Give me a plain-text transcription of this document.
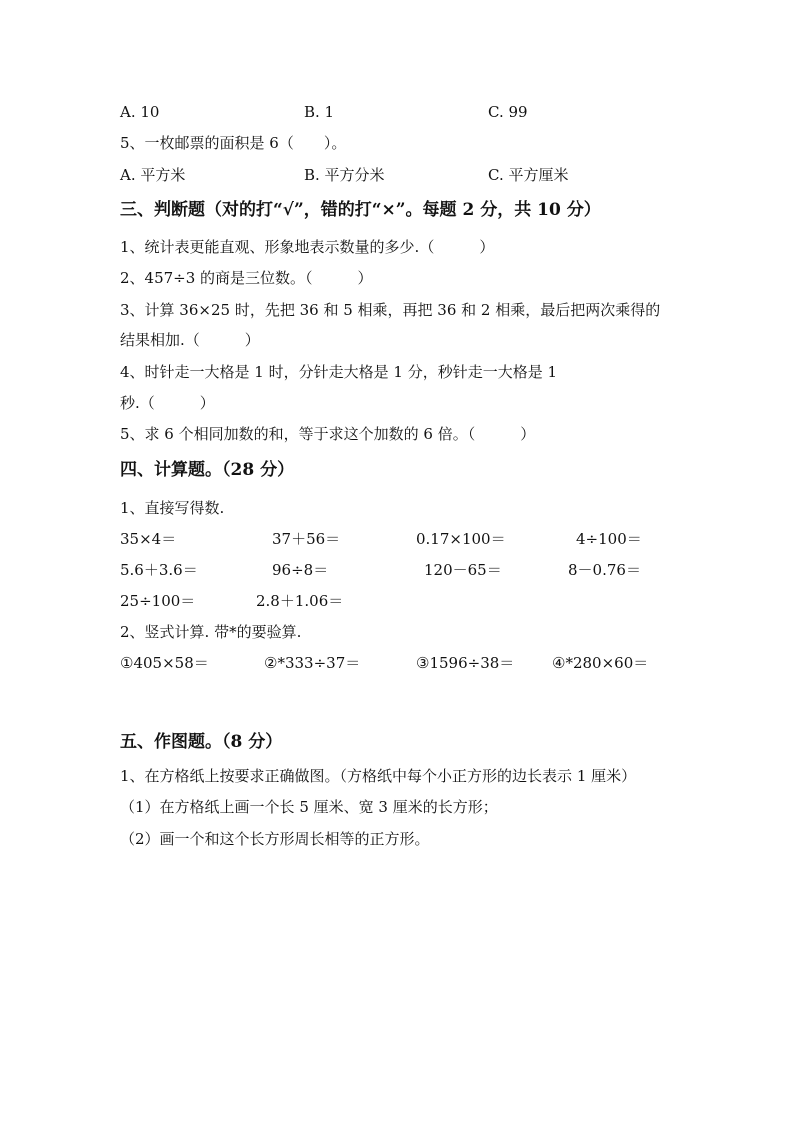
A. 10	B. 1	C. 99
5、一枚邮票的面积是 6（　　）。
A. 平方米	B. 平方分米	C. 平方厘米
三、判断题（对的打“√”，错的打“×”。每题 2 分，共 10 分）
1、统计表更能直观、形象地表示数量的多少.（　　　）
2、457÷3 的商是三位数。（　　　）
3、计算 36×25 时，先把 36 和 5 相乘，再把 36 和 2 相乘，最后把两次乘得的
结果相加.（　　　）
4、时针走一大格是 1 时，分针走大格是 1 分，秒针走一大格是 1
秒.（　　　）
5、求 6 个相同加数的和，等于求这个加数的 6 倍。（　　　）
四、计算题。（28 分）
1、直接写得数.
35×4＝	37＋56＝	0.17×100＝	4÷100＝
5.6＋3.6＝	96÷8＝	120－65＝	8－0.76＝
25÷100＝	2.8＋1.06＝
2、竖式计算. 带*的要验算.
①405×58＝	②*333÷37＝	③1596÷38＝	④*280×60＝
五、作图题。（8 分）
1、在方格纸上按要求正确做图。（方格纸中每个小正方形的边长表示 1 厘米）
（1）在方格纸上画一个长 5 厘米、宽 3 厘米的长方形；
（2）画一个和这个长方形周长相等的正方形。
